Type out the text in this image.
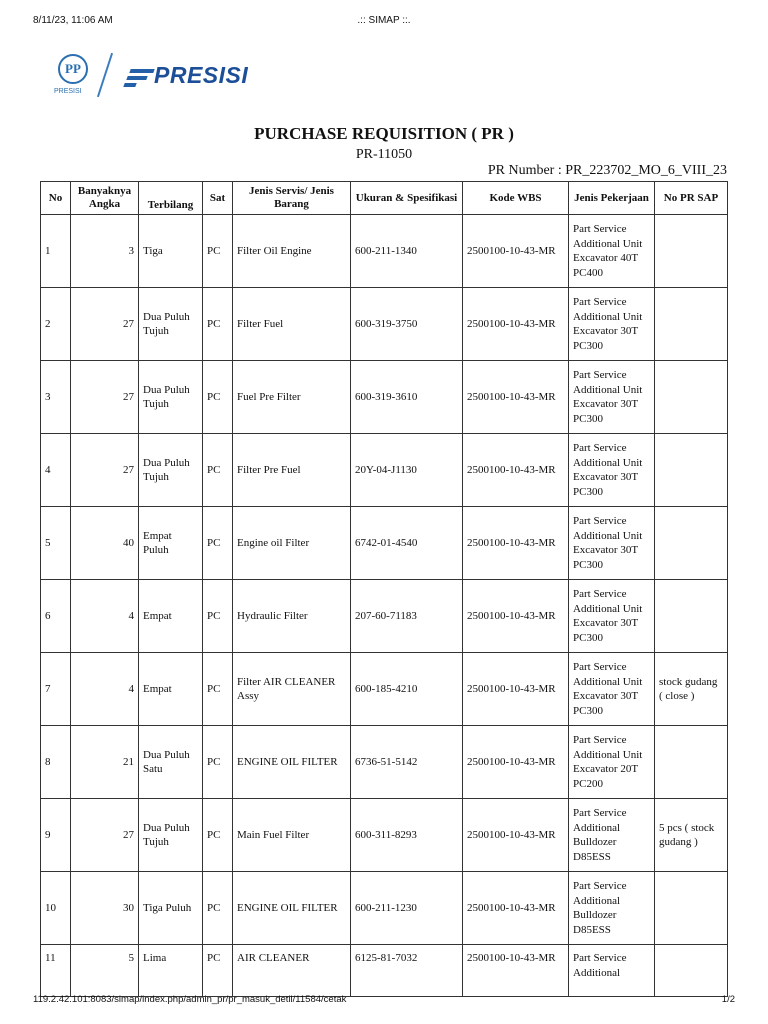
8/11/23, 11:06 AM	.:: SIMAP ::.
PP
PRESISI
PRESISI
PURCHASE REQUISITION ( PR )
PR-11050
PR Number : PR_223702_MO_6_VIII_23
No	Banyaknya Angka	Terbilang	Sat	Jenis Servis/ Jenis Barang	Ukuran & Spesifikasi	Kode WBS	Jenis Pekerjaan	No PR SAP
1	3	Tiga	PC	Filter Oil Engine	600-211-1340	2500100-10-43-MR	Part Service Additional Unit Excavator 40T PC400	
2	27	Dua Puluh Tujuh	PC	Filter Fuel	600-319-3750	2500100-10-43-MR	Part Service Additional Unit Excavator 30T PC300	
3	27	Dua Puluh Tujuh	PC	Fuel Pre Filter	600-319-3610	2500100-10-43-MR	Part Service Additional Unit Excavator 30T PC300	
4	27	Dua Puluh Tujuh	PC	Filter Pre Fuel	20Y-04-J1130	2500100-10-43-MR	Part Service Additional Unit Excavator 30T PC300	
5	40	Empat Puluh	PC	Engine oil Filter	6742-01-4540	2500100-10-43-MR	Part Service Additional Unit Excavator 30T PC300	
6	4	Empat	PC	Hydraulic Filter	207-60-71183	2500100-10-43-MR	Part Service Additional Unit Excavator 30T PC300	
7	4	Empat	PC	Filter AIR CLEANER Assy	600-185-4210	2500100-10-43-MR	Part Service Additional Unit Excavator 30T PC300	stock gudang ( close )
8	21	Dua Puluh Satu	PC	ENGINE OIL FILTER	6736-51-5142	2500100-10-43-MR	Part Service Additional Unit Excavator 20T PC200	
9	27	Dua Puluh Tujuh	PC	Main Fuel Filter	600-311-8293	2500100-10-43-MR	Part Service Additional Bulldozer D85ESS	5 pcs ( stock gudang )
10	30	Tiga Puluh	PC	ENGINE OIL FILTER	600-211-1230	2500100-10-43-MR	Part Service Additional Bulldozer D85ESS	
11	5	Lima	PC	AIR CLEANER	6125-81-7032	2500100-10-43-MR	Part Service Additional	
119.2.42.101:8083/simap/index.php/admin_pr/pr_masuk_detil/11584/cetak	1/2
